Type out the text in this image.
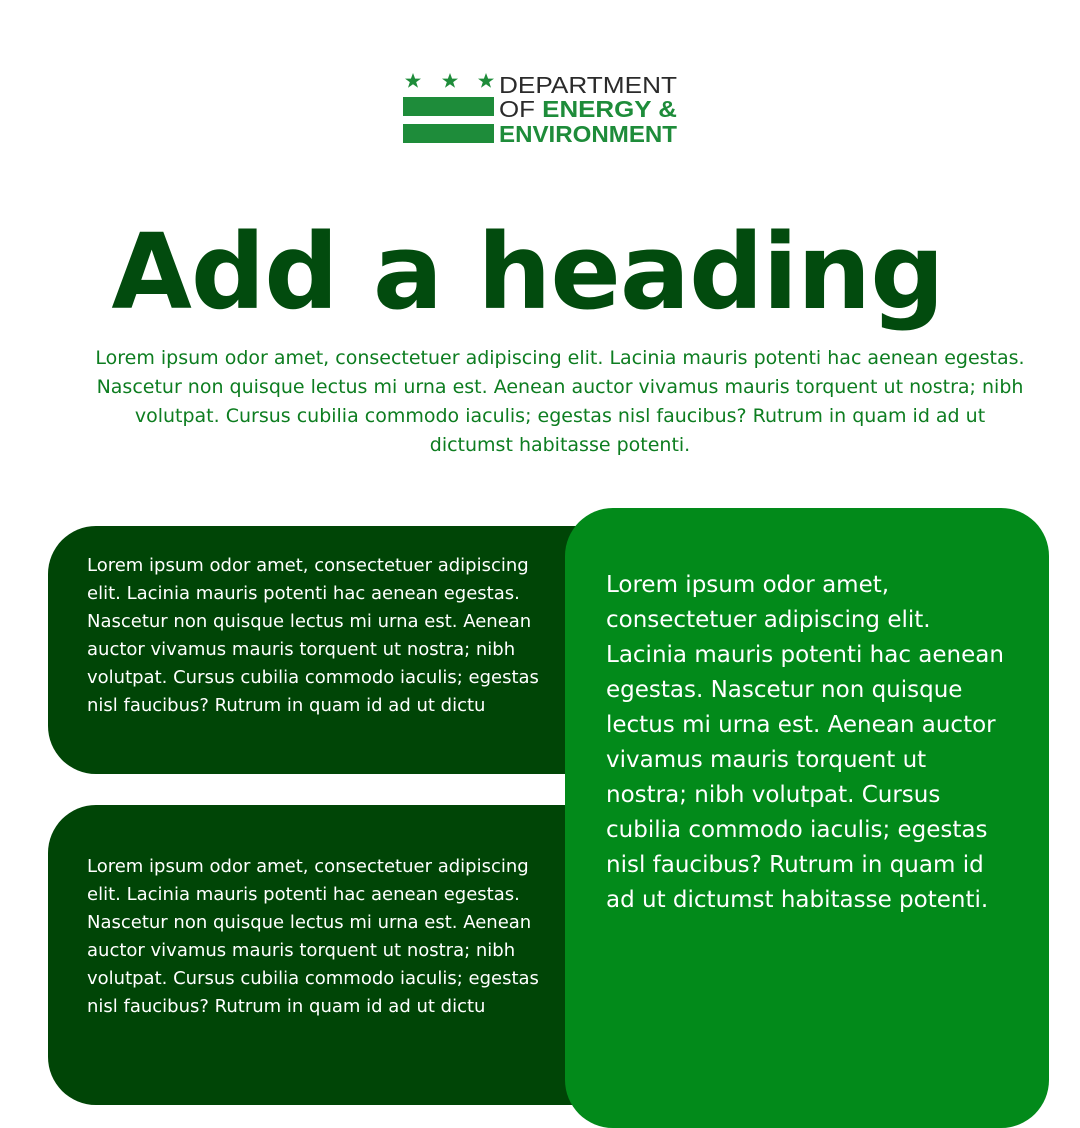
DEPARTMENT
OF ENERGY &
ENVIRONMENT
Add a heading

Lorem ipsum odor amet, consectetuer adipiscing elit. Lacinia mauris potenti hac aenean egestas. Nascetur non quisque lectus mi urna est. Aenean auctor vivamus mauris torquent ut nostra; nibh volutpat. Cursus cubilia commodo iaculis; egestas nisl faucibus? Rutrum in quam id ad ut dictumst habitasse potenti.

Lorem ipsum odor amet, consectetuer adipiscing elit. Lacinia mauris potenti hac aenean egestas. Nascetur non quisque lectus mi urna est. Aenean auctor vivamus mauris torquent ut nostra; nibh volutpat. Cursus cubilia commodo iaculis; egestas nisl faucibus? Rutrum in quam id ad ut dictu

Lorem ipsum odor amet, consectetuer adipiscing elit. Lacinia mauris potenti hac aenean egestas. Nascetur non quisque lectus mi urna est. Aenean auctor vivamus mauris torquent ut nostra; nibh volutpat. Cursus cubilia commodo iaculis; egestas nisl faucibus? Rutrum in quam id ad ut dictu

Lorem ipsum odor amet, consectetuer adipiscing elit. Lacinia mauris potenti hac aenean egestas. Nascetur non quisque lectus mi urna est. Aenean auctor vivamus mauris torquent ut nostra; nibh volutpat. Cursus cubilia commodo iaculis; egestas nisl faucibus? Rutrum in quam id ad ut dictumst habitasse potenti.
